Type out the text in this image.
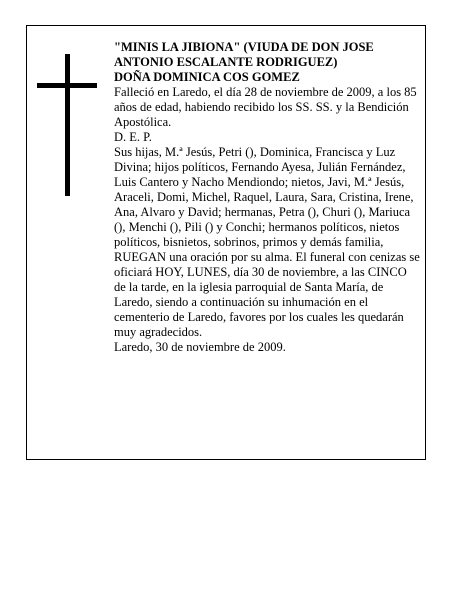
"MINIS LA JIBIONA" (VIUDA DE DON JOSE
ANTONIO ESCALANTE RODRIGUEZ)
DOÑA DOMINICA COS GOMEZ

Falleció en Laredo, el día 28 de noviembre de 2009, a los 85 años de edad, habiendo recibido los SS. SS. y la Bendición Apostólica.

D. E. P.

Sus hijas, M.ª Jesús, Petri (), Dominica, Francisca y Luz Divina; hijos políticos, Fernando Ayesa, Julián Fernández, Luis Cantero y Nacho Mendiondo; nietos, Javi, M.ª Jesús, Araceli, Domi, Michel, Raquel, Laura, Sara, Cristina, Irene, Ana, Alvaro y David; hermanas, Petra (), Churi (), Mariuca (), Menchi (), Pili () y Conchi; hermanos políticos, nietos políticos, bisnietos, sobrinos, primos y demás familia,

RUEGAN una oración por su alma. El funeral con cenizas se oficiará HOY, LUNES, día 30 de noviembre, a las CINCO de la tarde, en la iglesia parroquial de Santa María, de Laredo, siendo a continuación su inhumación en el cementerio de Laredo, favores por los cuales les quedarán muy agradecidos.

Laredo, 30 de noviembre de 2009.
